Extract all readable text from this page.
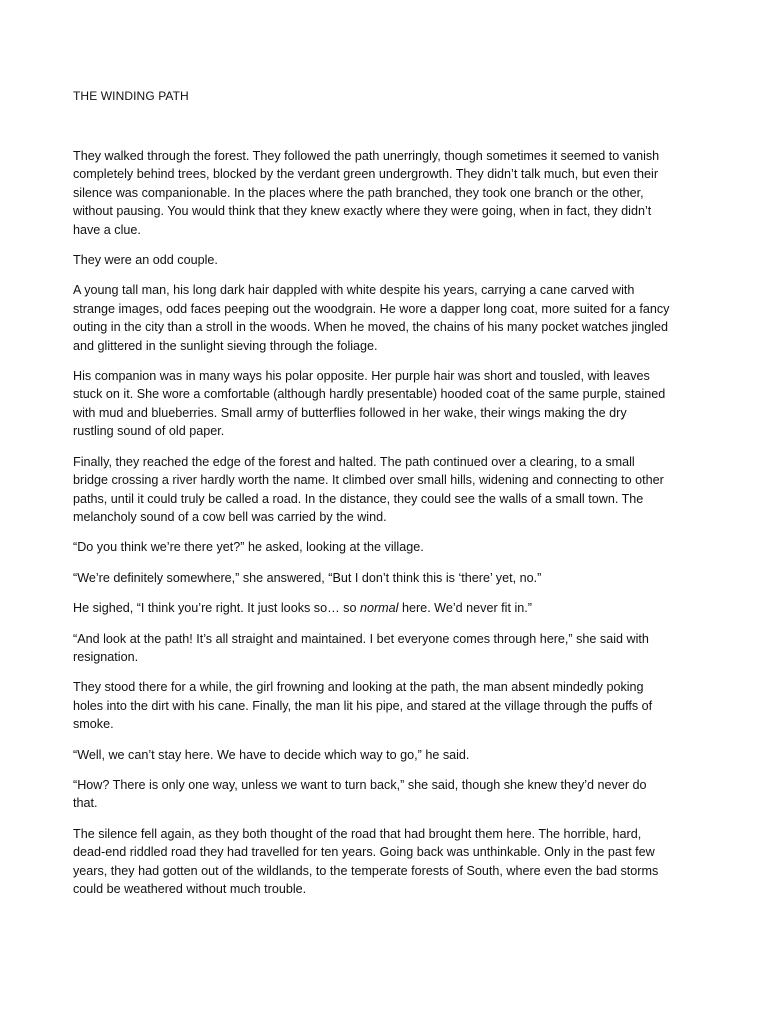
THE WINDING PATH

They walked through the forest. They followed the path unerringly, though sometimes it seemed to vanish
completely behind trees, blocked by the verdant green undergrowth. They didn’t talk much, but even their
silence was companionable. In the places where the path branched, they took one branch or the other,
without pausing. You would think that they knew exactly where they were going, when in fact, they didn’t
have a clue.

They were an odd couple.

A young tall man, his long dark hair dappled with white despite his years, carrying a cane carved with
strange images, odd faces peeping out the woodgrain. He wore a dapper long coat, more suited for a fancy
outing in the city than a stroll in the woods. When he moved, the chains of his many pocket watches jingled
and glittered in the sunlight sieving through the foliage.

His companion was in many ways his polar opposite. Her purple hair was short and tousled, with leaves
stuck on it. She wore a comfortable (although hardly presentable) hooded coat of the same purple, stained
with mud and blueberries. Small army of butterflies followed in her wake, their wings making the dry
rustling sound of old paper.

Finally, they reached the edge of the forest and halted. The path continued over a clearing, to a small
bridge crossing a river hardly worth the name. It climbed over small hills, widening and connecting to other
paths, until it could truly be called a road. In the distance, they could see the walls of a small town. The
melancholy sound of a cow bell was carried by the wind.

“Do you think we’re there yet?” he asked, looking at the village.

“We’re definitely somewhere,” she answered, “But I don’t think this is ‘there’ yet, no.”

He sighed, “I think you’re right. It just looks so… so normal here. We’d never fit in.”

“And look at the path! It’s all straight and maintained. I bet everyone comes through here,” she said with
resignation.

They stood there for a while, the girl frowning and looking at the path, the man absent mindedly poking
holes into the dirt with his cane. Finally, the man lit his pipe, and stared at the village through the puffs of
smoke.

“Well, we can’t stay here. We have to decide which way to go,” he said.

“How? There is only one way, unless we want to turn back,” she said, though she knew they’d never do
that.

The silence fell again, as they both thought of the road that had brought them here. The horrible, hard,
dead-end riddled road they had travelled for ten years. Going back was unthinkable. Only in the past few
years, they had gotten out of the wildlands, to the temperate forests of South, where even the bad storms
could be weathered without much trouble.
